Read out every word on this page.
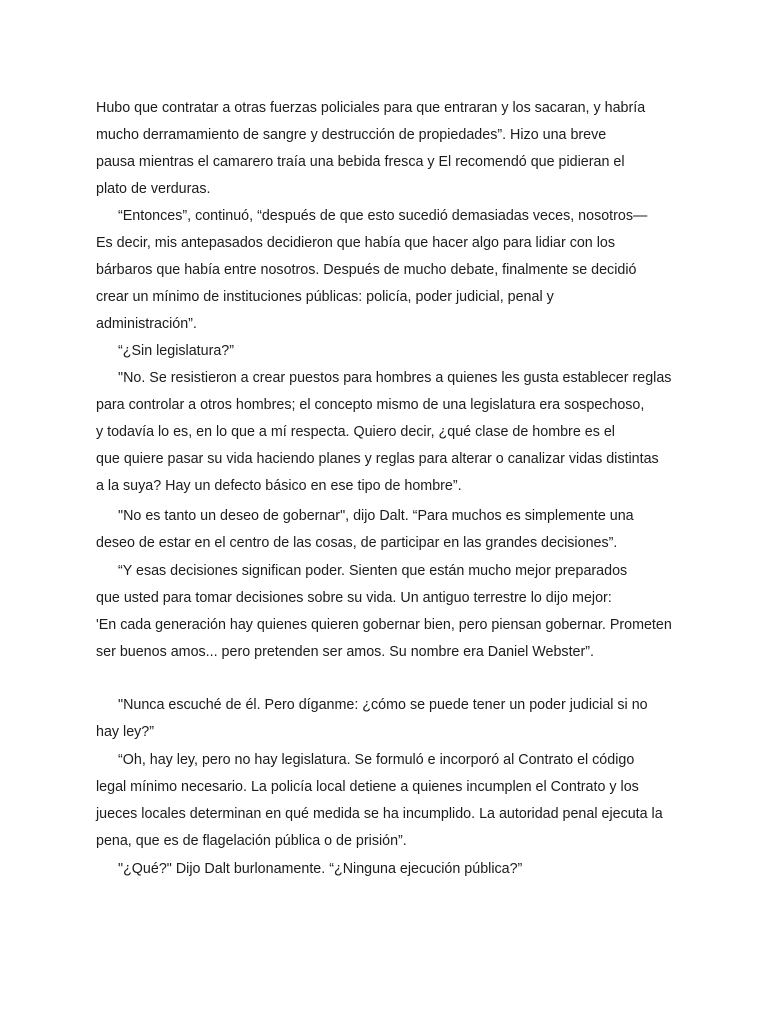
Hubo que contratar a otras fuerzas policiales para que entraran y los sacaran, y habría
mucho derramamiento de sangre y destrucción de propiedades”. Hizo una breve
pausa mientras el camarero traía una bebida fresca y El recomendó que pidieran el
plato de verduras.
“Entonces”, continuó, “después de que esto sucedió demasiadas veces, nosotros—
Es decir, mis antepasados decidieron que había que hacer algo para lidiar con los
bárbaros que había entre nosotros. Después de mucho debate, finalmente se decidió
crear un mínimo de instituciones públicas: policía, poder judicial, penal y
administración”.
“¿Sin legislatura?”
"No. Se resistieron a crear puestos para hombres a quienes les gusta establecer reglas
para controlar a otros hombres; el concepto mismo de una legislatura era sospechoso,
y todavía lo es, en lo que a mí respecta. Quiero decir, ¿qué clase de hombre es el
que quiere pasar su vida haciendo planes y reglas para alterar o canalizar vidas distintas
a la suya? Hay un defecto básico en ese tipo de hombre”.
"No es tanto un deseo de gobernar", dijo Dalt. “Para muchos es simplemente una
deseo de estar en el centro de las cosas, de participar en las grandes decisiones”.
“Y esas decisiones significan poder. Sienten que están mucho mejor preparados
que usted para tomar decisiones sobre su vida. Un antiguo terrestre lo dijo mejor:
'En cada generación hay quienes quieren gobernar bien, pero piensan gobernar. Prometen
ser buenos amos... pero pretenden ser amos. Su nombre era Daniel Webster”.
"Nunca escuché de él. Pero díganme: ¿cómo se puede tener un poder judicial si no
hay ley?”
“Oh, hay ley, pero no hay legislatura. Se formuló e incorporó al Contrato el código
legal mínimo necesario. La policía local detiene a quienes incumplen el Contrato y los
jueces locales determinan en qué medida se ha incumplido. La autoridad penal ejecuta la
pena, que es de flagelación pública o de prisión”.
"¿Qué?" Dijo Dalt burlonamente. “¿Ninguna ejecución pública?”
